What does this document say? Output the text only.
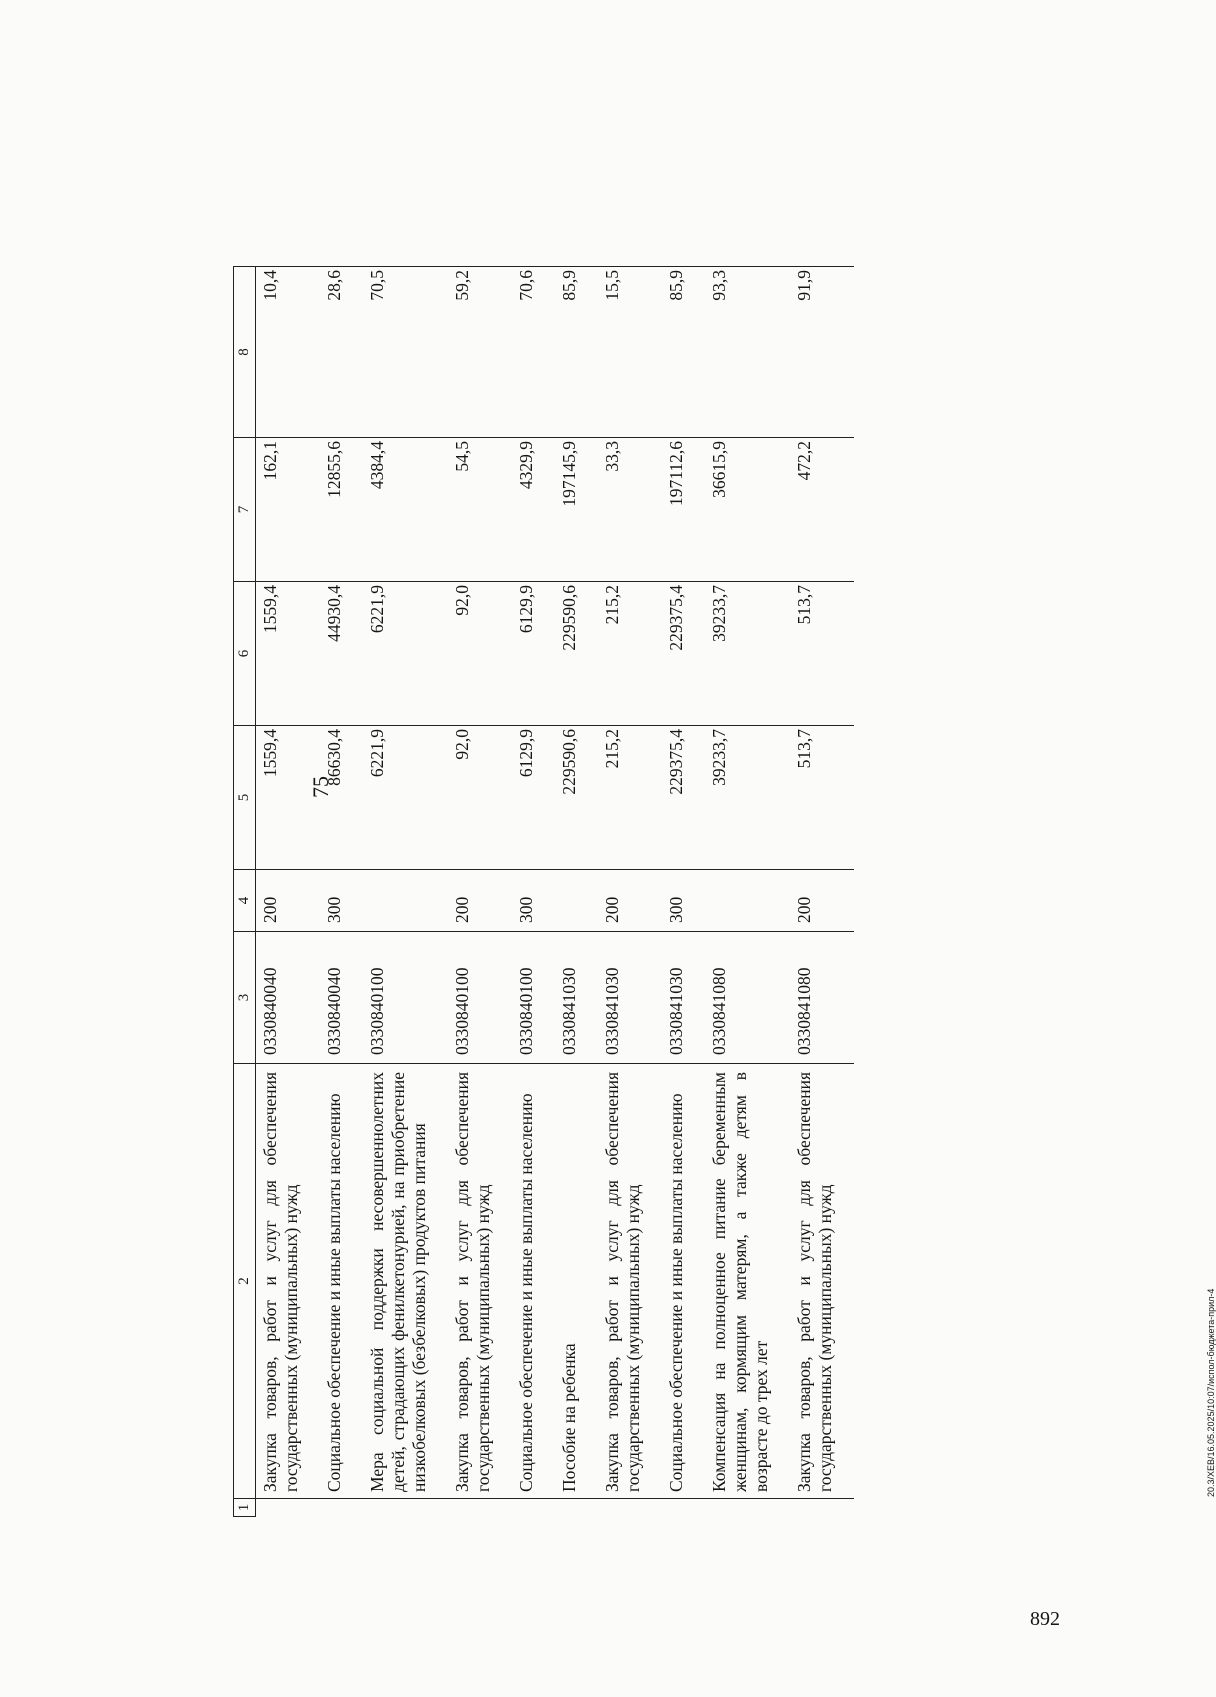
75
1	2	3	4	5	6	7	8
	Закупка товаров, работ и услуг для обеспечения государственных (муниципальных) нужд	0330840040	200	1559,4	1559,4	162,1	10,4
	Социальное обеспечение и иные выплаты населению	0330840040	300	86630,4	44930,4	12855,6	28,6
	Мера социальной поддержки несовершеннолетних детей, страдающих фенилкетонурией, на приобретение низкобелковых (безбелковых) продуктов питания	0330840100		6221,9	6221,9	4384,4	70,5
	Закупка товаров, работ и услуг для обеспечения государственных (муниципальных) нужд	0330840100	200	92,0	92,0	54,5	59,2
	Социальное обеспечение и иные выплаты населению	0330840100	300	6129,9	6129,9	4329,9	70,6
	Пособие на ребенка	0330841030		229590,6	229590,6	197145,9	85,9
	Закупка товаров, работ и услуг для обеспечения государственных (муниципальных) нужд	0330841030	200	215,2	215,2	33,3	15,5
	Социальное обеспечение и иные выплаты населению	0330841030	300	229375,4	229375,4	197112,6	85,9
	Компенсация на полноценное питание беременным женщинам, кормящим матерям, а также детям в возрасте до трех лет	0330841080		39233,7	39233,7	36615,9	93,3
	Закупка товаров, работ и услуг для обеспечения государственных (муниципальных) нужд	0330841080	200	513,7	513,7	472,2	91,9
20.3/XEB/16.05.2025/10:07/испол-бюджета-прил-4
892
